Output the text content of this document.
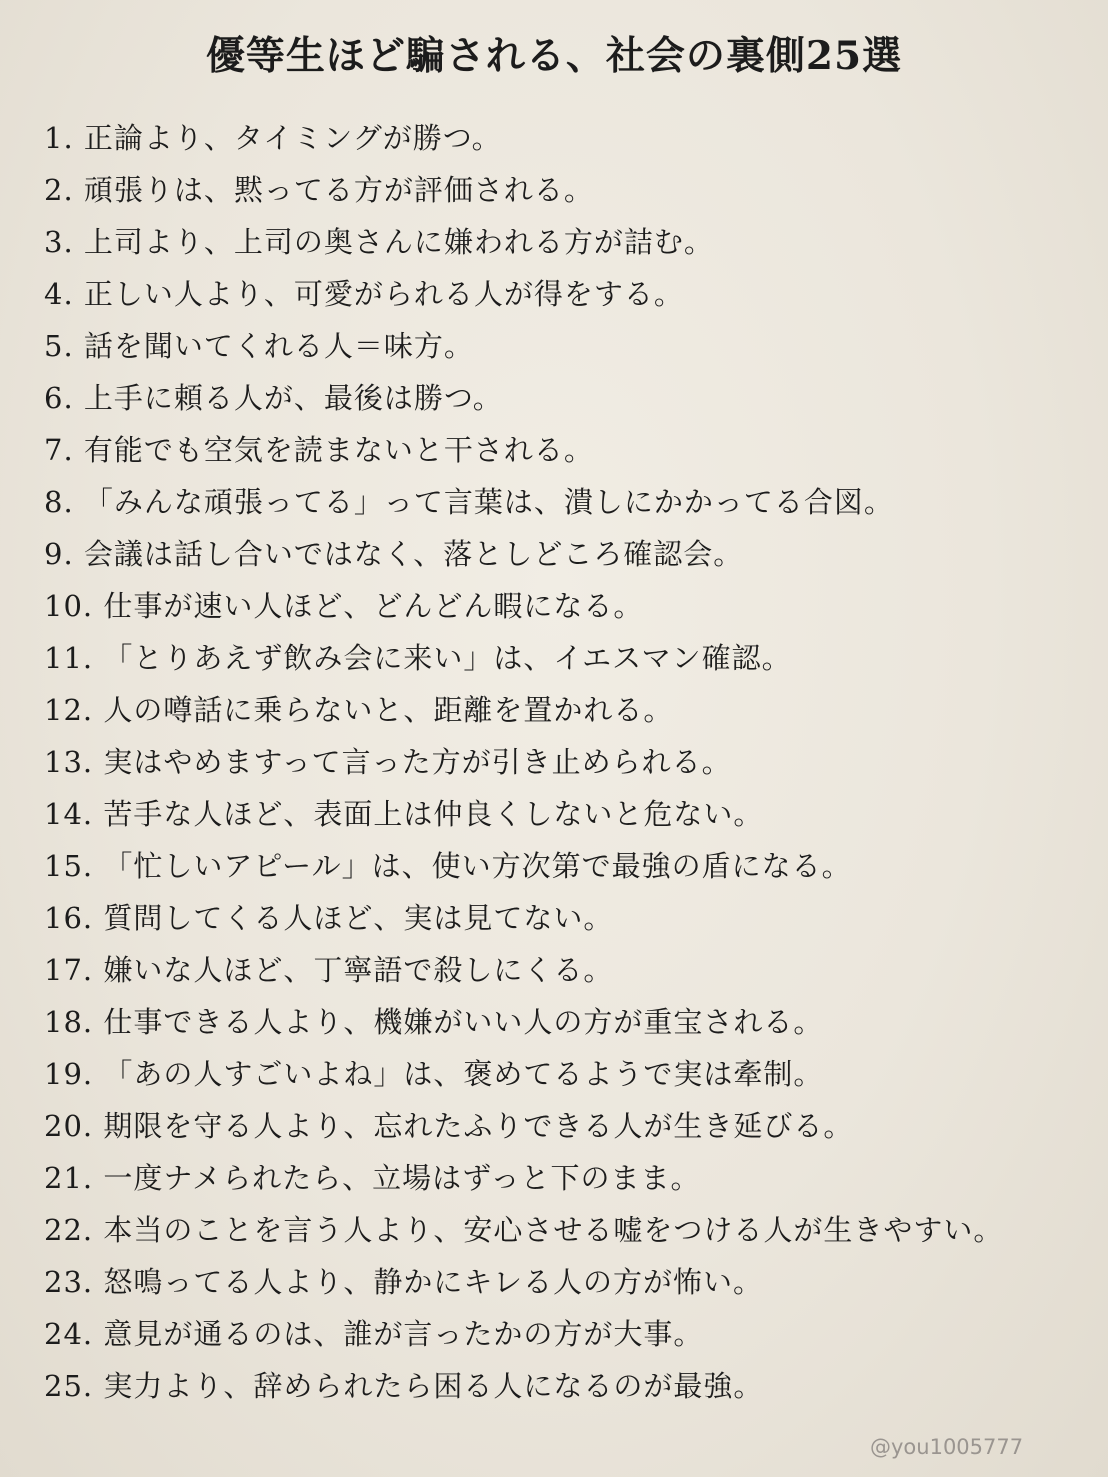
優等生ほど騙される、社会の裏側25選
1. 正論より、タイミングが勝つ。
2. 頑張りは、黙ってる方が評価される。
3. 上司より、上司の奥さんに嫌われる方が詰む。
4. 正しい人より、可愛がられる人が得をする。
5. 話を聞いてくれる人＝味方。
6. 上手に頼る人が、最後は勝つ。
7. 有能でも空気を読まないと干される。
8. 「みんな頑張ってる」って言葉は、潰しにかかってる合図。
9. 会議は話し合いではなく、落としどころ確認会。
10. 仕事が速い人ほど、どんどん暇になる。
11. 「とりあえず飲み会に来い」は、イエスマン確認。
12. 人の噂話に乗らないと、距離を置かれる。
13. 実はやめますって言った方が引き止められる。
14. 苦手な人ほど、表面上は仲良くしないと危ない。
15. 「忙しいアピール」は、使い方次第で最強の盾になる。
16. 質問してくる人ほど、実は見てない。
17. 嫌いな人ほど、丁寧語で殺しにくる。
18. 仕事できる人より、機嫌がいい人の方が重宝される。
19. 「あの人すごいよね」は、褒めてるようで実は牽制。
20. 期限を守る人より、忘れたふりできる人が生き延びる。
21. 一度ナメられたら、立場はずっと下のまま。
22. 本当のことを言う人より、安心させる嘘をつける人が生きやすい。
23. 怒鳴ってる人より、静かにキレる人の方が怖い。
24. 意見が通るのは、誰が言ったかの方が大事。
25. 実力より、辞められたら困る人になるのが最強。
@you1005777
